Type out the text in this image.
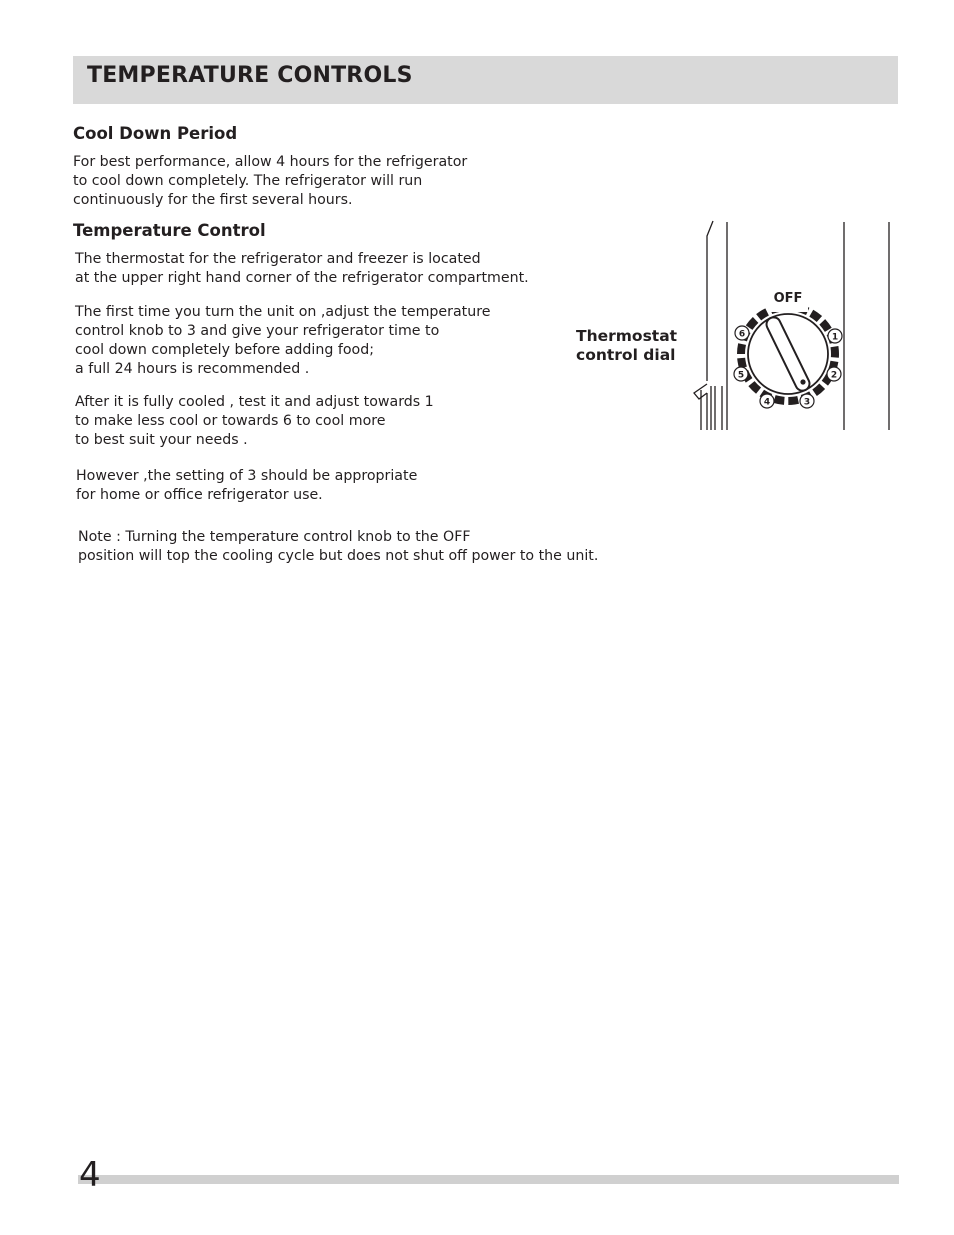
TEMPERATURE CONTROLS
Cool Down Period

For best performance, allow 4 hours for the refrigerator
to cool down completely. The refrigerator will run
continuously for the first several hours.

Temperature Control

The thermostat for the refrigerator and freezer is located
at the upper right hand corner of the refrigerator compartment.

The first time you turn the unit on ,adjust the temperature
control knob to 3 and give your refrigerator time to
cool down completely before adding food;
a full 24 hours is recommended .

After it is fully cooled , test it and adjust towards 1
to make less cool or towards 6 to cool more
to best suit your needs .

However ,the setting of 3 should be appropriate
for home or office refrigerator use.

Note : Turning the temperature control knob to the OFF
position will top the cooling cycle but does not shut off power to the unit.

OFF
1
2
3
4
5
6
Thermostat
control dial

4
